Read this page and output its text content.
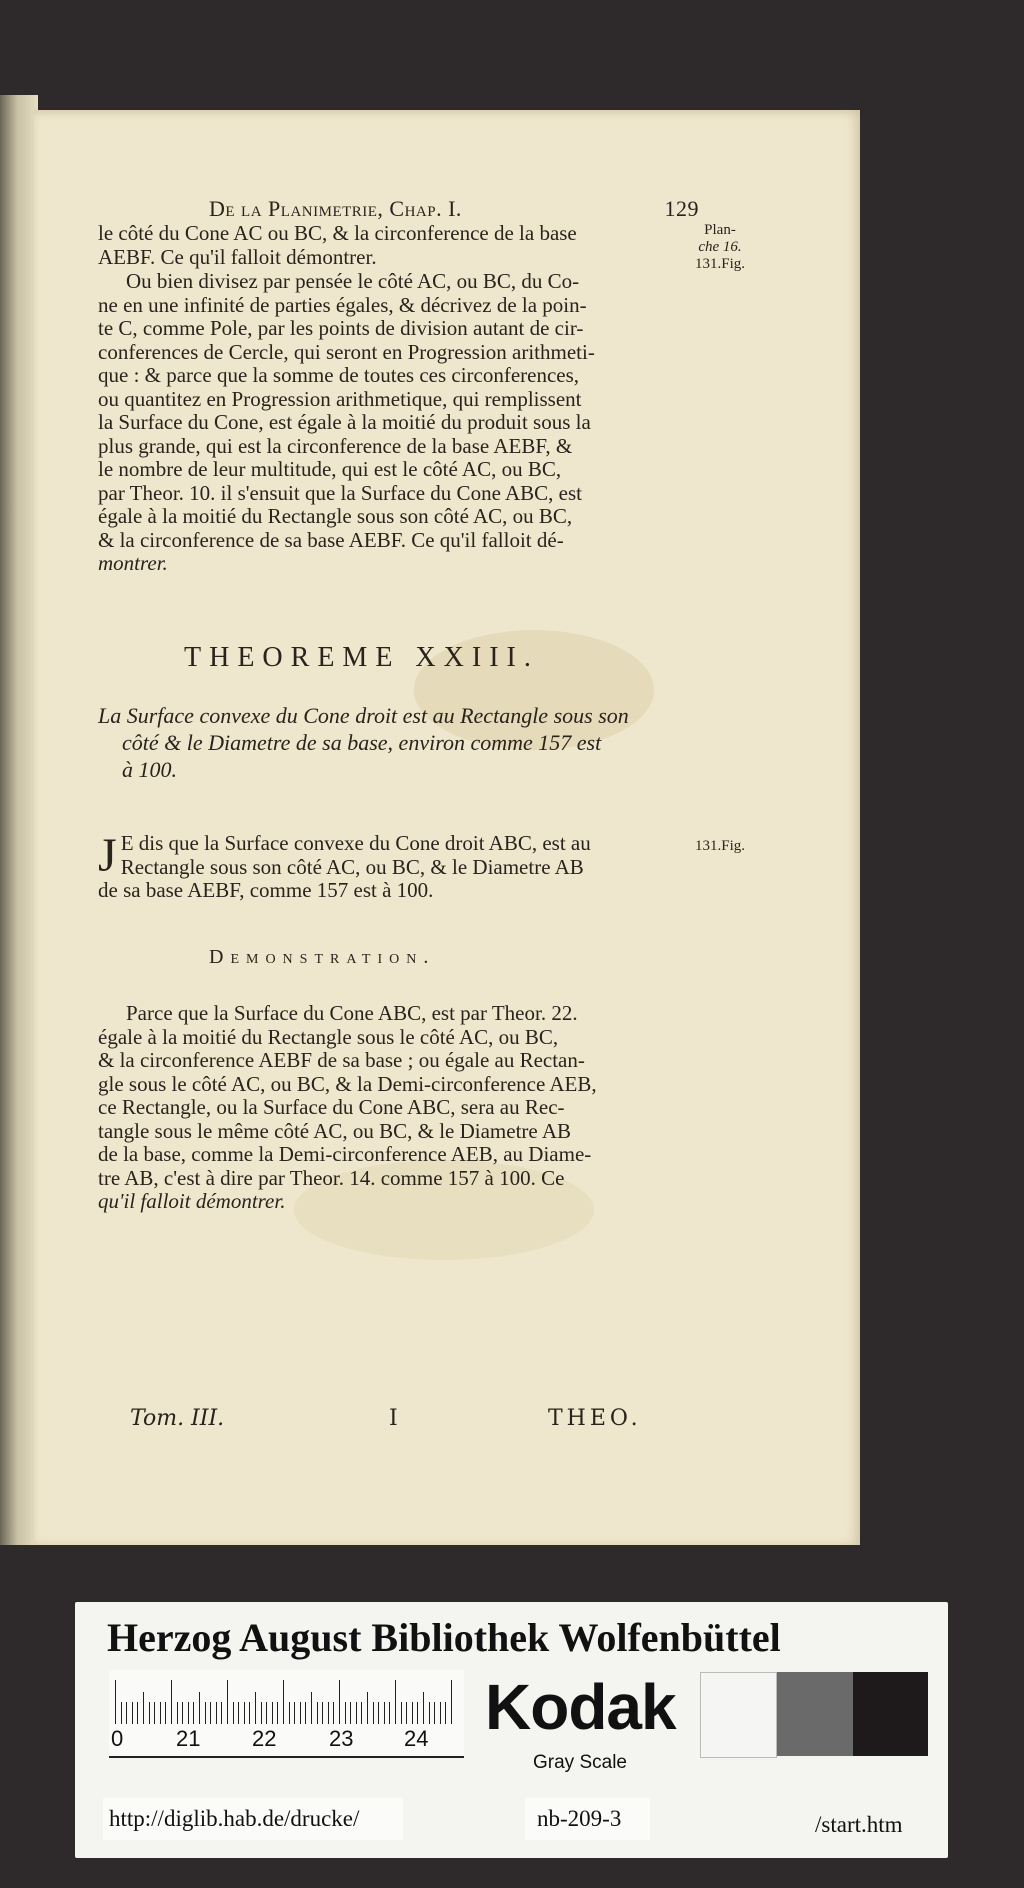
De la Planimetrie, Chap. I.	129
Plan-
che 16.
131.Fig.

le côté du Cone AC ou BC, & la circonference de la base

AEBF. Ce qu'il falloit démontrer.

Ou bien divisez par pensée le côté AC, ou BC, du Co-

ne en une infinité de parties égales, & décrivez de la poin-

te C, comme Pole, par les points de division autant de cir-

conferences de Cercle, qui seront en Progression arithmeti-

que : & parce que la somme de toutes ces circonferences,

ou quantitez en Progression arithmetique, qui remplissent

la Surface du Cone, est égale à la moitié du produit sous la

plus grande, qui est la circonference de la base AEBF, &

le nombre de leur multitude, qui est le côté AC, ou BC,

par Theor. 10. il s'ensuit que la Surface du Cone ABC, est

égale à la moitié du Rectangle sous son côté AC, ou BC,

& la circonference de sa base AEBF. Ce qu'il falloit dé-

montrer.

THEOREME XXIII.
La Surface convexe du Cone droit est au Rectangle sous son
côté & le Diametre de sa base, environ comme 157 est
à 100.
131.Fig.
J E dis que la Surface convexe du Cone droit ABC, est au

Rectangle sous son côté AC, ou BC, & le Diametre AB

de sa base AEBF, comme 157 est à 100.

Demonstration.

Parce que la Surface du Cone ABC, est par Theor. 22.

égale à la moitié du Rectangle sous le côté AC, ou BC,

& la circonference AEBF de sa base ; ou égale au Rectan-

gle sous le côté AC, ou BC, & la Demi-circonference AEB,

ce Rectangle, ou la Surface du Cone ABC, sera au Rec-

tangle sous le même côté AC, ou BC, & le Diametre AB

de la base, comme la Demi-circonference AEB, au Diame-

tre AB, c'est à dire par Theor. 14. comme 157 à 100. Ce

qu'il falloit démontrer.

Tom. III.	I	THEO.
Herzog August Bibliothek Wolfenbüttel
0 21 22 23 24 Kodak
Gray Scale
http://diglib.hab.de/drucke/	nb-209-3	/start.htm
